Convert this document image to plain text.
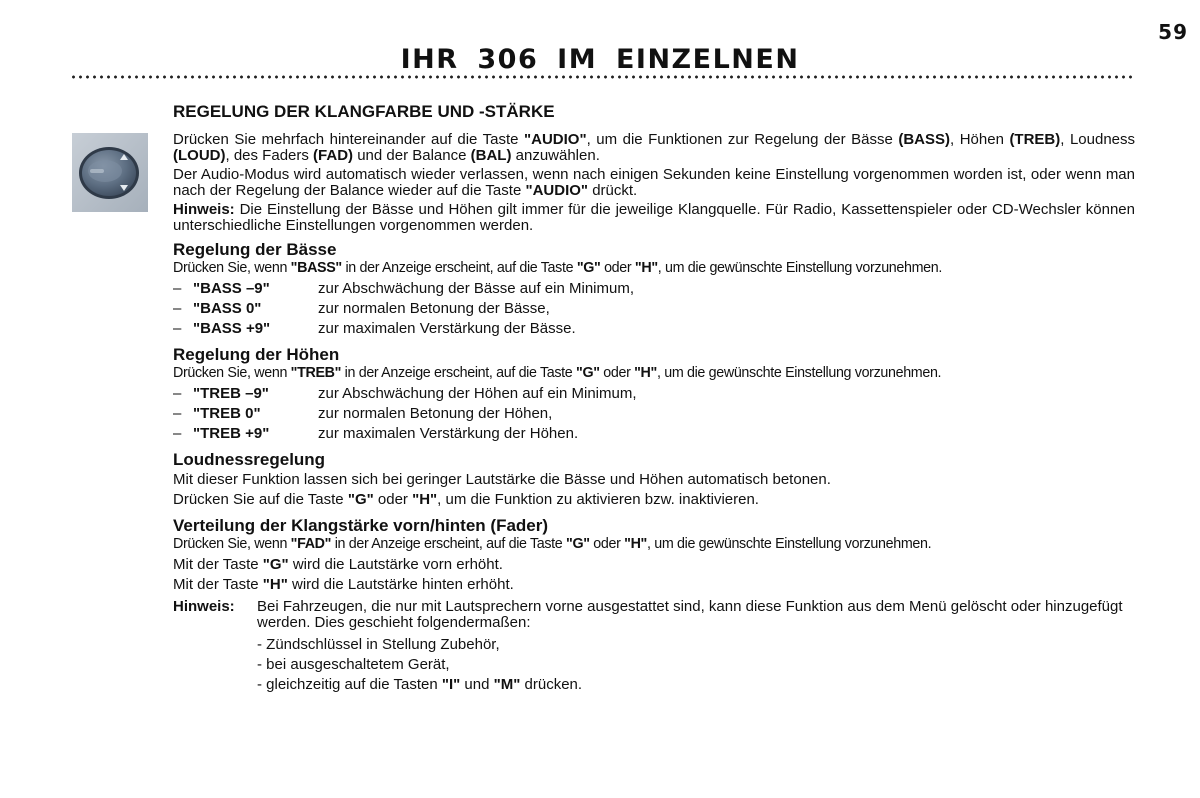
59
IHR 306 IM EINZELNEN
REGELUNG DER KLANGFARBE UND -STÄRKE

Drücken Sie mehrfach hintereinander auf die Taste "AUDIO", um die Funktionen zur Regelung der Bässe (BASS), Höhen (TREB), Loudness (LOUD), des Faders (FAD) und der Balance (BAL) anzuwählen.

Der Audio-Modus wird automatisch wieder verlassen, wenn nach einigen Sekunden keine Einstellung vorgenommen worden ist, oder wenn man nach der Regelung der Balance wieder auf die Taste "AUDIO" drückt.

Hinweis: Die Einstellung der Bässe und Höhen gilt immer für die jeweilige Klangquelle. Für Radio, Kassettenspieler oder CD-Wechsler können unterschiedliche Einstellungen vorgenommen werden.

Regelung der Bässe

Drücken Sie, wenn "BASS" in der Anzeige erscheint, auf die Taste "G" oder "H", um die gewünschte Einstellung vorzunehmen.

– "BASS –9"	zur Abschwächung der Bässe auf ein Minimum,
– "BASS 0"	zur normalen Betonung der Bässe,
– "BASS +9"	zur maximalen Verstärkung der Bässe.
Regelung der Höhen

Drücken Sie, wenn "TREB" in der Anzeige erscheint, auf die Taste "G" oder "H", um die gewünschte Einstellung vorzunehmen.

– "TREB –9"	zur Abschwächung der Höhen auf ein Minimum,
– "TREB 0"	zur normalen Betonung der Höhen,
– "TREB +9"	zur maximalen Verstärkung der Höhen.
Loudnessregelung

Mit dieser Funktion lassen sich bei geringer Lautstärke die Bässe und Höhen automatisch betonen.

Drücken Sie auf die Taste "G" oder "H", um die Funktion zu aktivieren bzw. inaktivieren.

Verteilung der Klangstärke vorn/hinten (Fader)

Drücken Sie, wenn "FAD" in der Anzeige erscheint, auf die Taste "G" oder "H", um die gewünschte Einstellung vorzunehmen.

Mit der Taste "G" wird die Lautstärke vorn erhöht.

Mit der Taste "H" wird die Lautstärke hinten erhöht.

Hinweis:	Bei Fahrzeugen, die nur mit Lautsprechern vorne ausgestattet sind, kann diese Funktion aus dem Menü gelöscht oder hinzugefügt werden. Dies geschieht folgendermaßen:

- Zündschlüssel in Stellung Zubehör,
- bei ausgeschaltetem Gerät,
- gleichzeitig auf die Tasten "I" und "M" drücken.
